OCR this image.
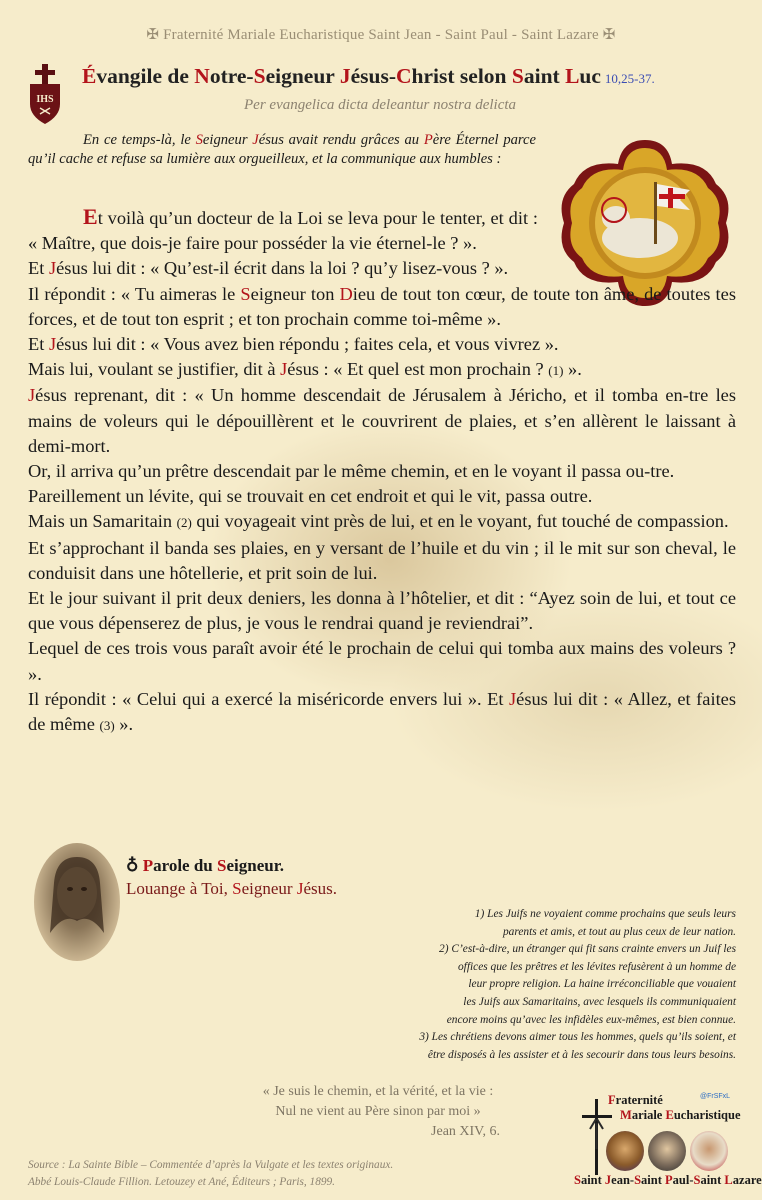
✠ Fraternité Mariale Eucharistique Saint Jean - Saint Paul - Saint Lazare ✠
IHS
Évangile de Notre-Seigneur Jésus-Christ selon Saint Luc 10,25-37.
Per evangelica dicta deleantur nostra delicta
En ce temps-là, le Seigneur Jésus avait rendu grâces au Père Éternel parce qu’il cache et refuse sa lumière aux orgueilleux, et la communique aux humbles :

Et voilà qu’un docteur de la Loi se leva pour le tenter, et dit : « Maître, que dois-je faire pour posséder la vie éternel-le ? ».

Et Jésus lui dit : « Qu’est-il écrit dans la loi ? qu’y lisez-vous ? ».

Il répondit : « Tu aimeras le Seigneur ton Dieu de tout ton cœur, de toute ton âme, de toutes tes forces, et de tout ton esprit ; et ton prochain comme toi-même ».

Et Jésus lui dit : « Vous avez bien répondu ; faites cela, et vous vivrez ».

Mais lui, voulant se justifier, dit à Jésus : « Et quel est mon prochain ? (1) ».

Jésus reprenant, dit : « Un homme descendait de Jérusalem à Jéricho, et il tomba en-tre les mains de voleurs qui le dépouillèrent et le couvrirent de plaies, et s’en allèrent le laissant à demi-mort.

Or, il arriva qu’un prêtre descendait par le même chemin, et en le voyant il passa ou-tre.

Pareillement un lévite, qui se trouvait en cet endroit et qui le vit, passa outre.

Mais un Samaritain (2) qui voyageait vint près de lui, et en le voyant, fut touché de compassion.

Et s’approchant il banda ses plaies, en y versant de l’huile et du vin ; il le mit sur son cheval, le conduisit dans une hôtellerie, et prit soin de lui.

Et le jour suivant il prit deux deniers, les donna à l’hôtelier, et dit : “Ayez soin de lui, et tout ce que vous dépenserez de plus, je vous le rendrai quand je reviendrai”.

Lequel de ces trois vous paraît avoir été le prochain de celui qui tomba aux mains des voleurs ? ».

Il répondit : « Celui qui a exercé la miséricorde envers lui ». Et Jésus lui dit : « Allez, et faites de même (3) ».

♁ Parole du Seigneur.
Louange à Toi, Seigneur Jésus.
1) Les Juifs ne voyaient comme prochains que seuls leurs
parents et amis, et tout au plus ceux de leur nation.
2) C’est-à-dire, un étranger qui fit sans crainte envers un Juif les
offices que les prêtres et les lévites refusèrent à un homme de
leur propre religion. La haine irréconciliable que vouaient
les Juifs aux Samaritains, avec lesquels ils communiquaient
encore moins qu’avec les infidèles eux-mêmes, est bien connue.
3) Les chrétiens devons aimer tous les hommes, quels qu’ils soient, et
être disposés à les assister et à les secourir dans tous leurs besoins.
« Je suis le chemin, et la vérité, et la vie :
Nul ne vient au Père sinon par moi »
Jean XIV, 6.
Source : La Sainte Bible – Commentée d’après la Vulgate et les textes originaux.
Abbé Louis-Claude Fillion. Letouzey et Ané, Éditeurs ; Paris, 1899.
Fraternité	@FrSFxL
Mariale Eucharistique
Saint Jean-Saint Paul-Saint Lazare
